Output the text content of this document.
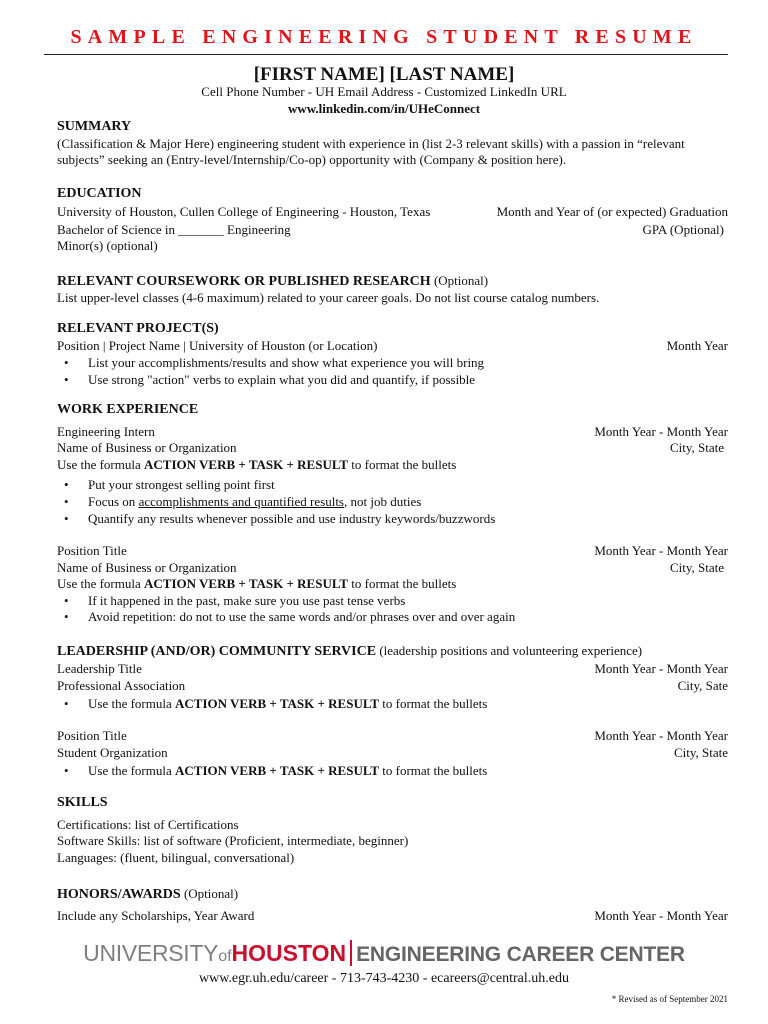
SAMPLE ENGINEERING STUDENT RESUME
[FIRST NAME] [LAST NAME]
Cell Phone Number - UH Email Address - Customized LinkedIn URL
www.linkedin.com/in/UHeConnect
SUMMARY
(Classification & Major Here) engineering student with experience in (list 2-3 relevant skills) with a passion in “relevant
subjects” seeking an (Entry-level/Internship/Co-op) opportunity with (Company & position here).
EDUCATION
University of Houston, Cullen College of Engineering - Houston, Texas	Month and Year of (or expected) Graduation
Bachelor of Science in _______ Engineering	GPA (Optional)
Minor(s) (optional)
RELEVANT COURSEWORK OR PUBLISHED RESEARCH (Optional)
List upper-level classes (4-6 maximum) related to your career goals. Do not list course catalog numbers.
RELEVANT PROJECT(S)
Position | Project Name | University of Houston (or Location)	Month Year
• List your accomplishments/results and show what experience you will bring
• Use strong "action" verbs to explain what you did and quantify, if possible
WORK EXPERIENCE
Engineering Intern	Month Year - Month Year
Name of Business or Organization	City, State
Use the formula ACTION VERB + TASK + RESULT to format the bullets
• Put your strongest selling point first
• Focus on accomplishments and quantified results, not job duties
• Quantify any results whenever possible and use industry keywords/buzzwords
Position Title	Month Year - Month Year
Name of Business or Organization	City, State
Use the formula ACTION VERB + TASK + RESULT to format the bullets
• If it happened in the past, make sure you use past tense verbs
• Avoid repetition: do not to use the same words and/or phrases over and over again
LEADERSHIP (AND/OR) COMMUNITY SERVICE (leadership positions and volunteering experience)
Leadership Title	Month Year - Month Year
Professional Association	City, Sate
• Use the formula ACTION VERB + TASK + RESULT to format the bullets
Position Title	Month Year - Month Year
Student Organization	City, State
• Use the formula ACTION VERB + TASK + RESULT to format the bullets
SKILLS
Certifications: list of Certifications
Software Skills: list of software (Proficient, intermediate, beginner)
Languages: (fluent, bilingual, conversational)
HONORS/AWARDS (Optional)
Include any Scholarships, Year Award	Month Year - Month Year
UNIVERSITYofHOUSTON ENGINEERING CAREER CENTER
www.egr.uh.edu/career - 713-743-4230 - ecareers@central.uh.edu
* Revised as of September 2021
